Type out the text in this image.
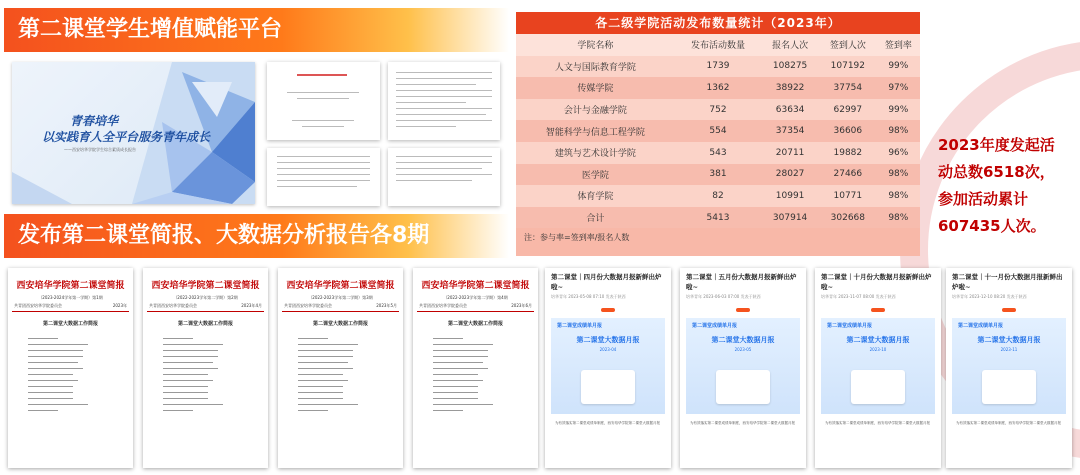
第二课堂学生增值赋能平台
青春培华
以实践育人全平台服务青年成长
——西安培华学院学生综合素质成长报告
发布第二课堂简报、大数据分析报告各8期
各二级学院活动发布数量统计（2023年）
学院名称	发布活动数量	报名人次	签到人次	签到率
人文与国际教育学院	1739	108275	107192	99%
传媒学院	1362	38922	37754	97%
会计与金融学院	752	63634	62997	99%
智能科学与信息工程学院	554	37354	36606	98%
建筑与艺术设计学院	543	20711	19882	96%
医学院	381	28027	27466	98%
体育学院	82	10991	10771	98%
合计	5413	307914	302668	98%
注：参与率=签到率/报名人数
2023年度发起活动总数6518次，参加活动累计607435人次。
西安培华学院第二课堂简报
（2023-2024学年第一学期）第1期
共青团西安培华学院委员会	2023年
第二课堂大数据工作简报
西安培华学院第二课堂简报
（2022-2023学年第二学期）第2期
共青团西安培华学院委员会	2023年4月
第二课堂大数据工作简报
西安培华学院第二课堂简报
（2022-2023学年第二学期）第3期
共青团西安培华学院委员会	2023年5月
第二课堂大数据工作简报
西安培华学院第二课堂简报
（2022-2023学年第二学期）第4期
共青团西安培华学院委员会	2023年6月
第二课堂大数据工作简报
第二课堂｜四月份大数据月报新鲜出炉啦~
培华青年 2023-05-08 07:10 发表于陕西
第二课堂成绩单月报
第二课堂大数据月报
2023-04
为有效落实第二课堂成绩单制度，西安培华学院第二课堂大数据月报
第二课堂｜五月份大数据月报新鲜出炉啦~
培华青年 2023-06-03 07:00 发表于陕西
第二课堂成绩单月报
第二课堂大数据月报
2023-05
为有效落实第二课堂成绩单制度，西安培华学院第二课堂大数据月报
第二课堂｜十月份大数据月报新鲜出炉啦~
培华青年 2023-11-07 08:00 发表于陕西
第二课堂成绩单月报
第二课堂大数据月报
2023-10
为有效落实第二课堂成绩单制度，西安培华学院第二课堂大数据月报
第二课堂｜十一月份大数据月报新鲜出炉啦~
培华青年 2023-12-10 08:20 发表于陕西
第二课堂成绩单月报
第二课堂大数据月报
2023-11
为有效落实第二课堂成绩单制度，西安培华学院第二课堂大数据月报
